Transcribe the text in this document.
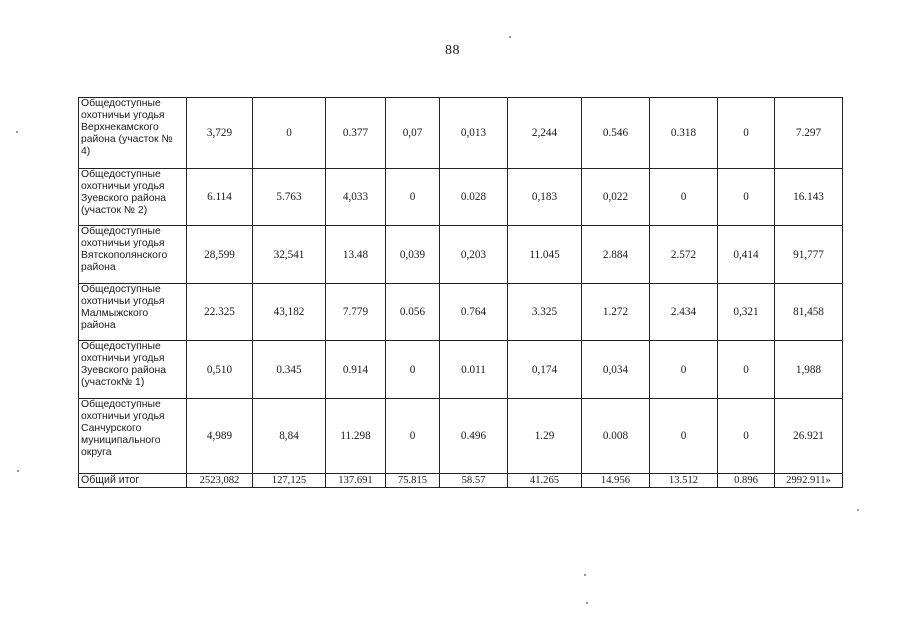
88
Общедоступные охотничьи угодья Верхнекамского района (участок № 4)	3,729	0	0.377	0,07	0,013	2,244	0.546	0.318	0	7.297
Общедоступные охотничьи угодья Зуевского района (участок № 2)	6.114	5.763	4,033	0	0.028	0,183	0,022	0	0	16.143
Общедоступные охотничьи угодья Вятскополянского района	28,599	32,541	13.48	0,039	0,203	11.045	2.884	2.572	0,414	91,777
Общедоступные охотничьи угодья Малмыжского района	22.325	43,182	7.779	0.056	0.764	3.325	1.272	2.434	0,321	81,458
Общедоступные охотничьи угодья Зуевского района (участок№ 1)	0,510	0.345	0.914	0	0.011	0,174	0,034	0	0	1,988
Общедоступные охотничьи угодья Санчурского муниципального округа	4,989	8,84	11.298	0	0.496	1.29	0.008	0	0	26.921
Общий итог	2523,082	127,125	137.691	75.815	58.57	41.265	14.956	13.512	0.896	2992.911»
